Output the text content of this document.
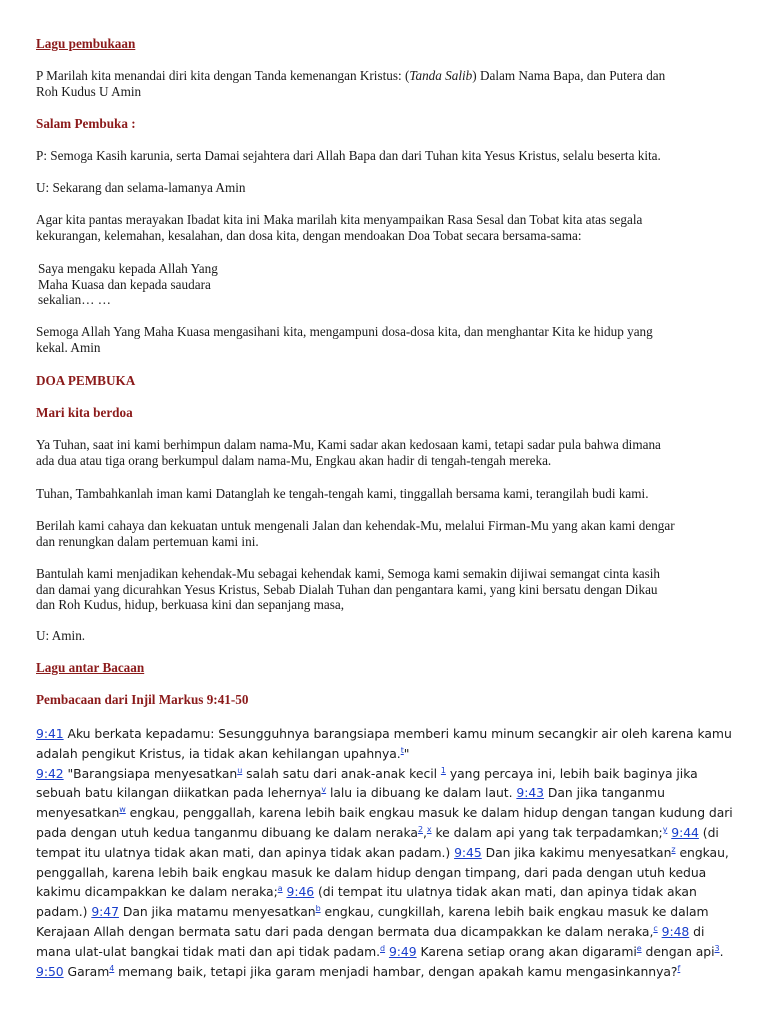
Lagu pembukaan

P Marilah kita menandai diri kita dengan Tanda kemenangan Kristus: (Tanda Salib) Dalam Nama Bapa, dan Putera dan
Roh Kudus U Amin

Salam Pembuka :

P: Semoga Kasih karunia, serta Damai sejahtera dari Allah Bapa dan dari Tuhan kita Yesus Kristus, selalu beserta kita.

U: Sekarang dan selama-lamanya Amin

Agar kita pantas merayakan Ibadat kita ini Maka marilah kita menyampaikan Rasa Sesal dan Tobat kita atas segala
kekurangan, kelemahan, kesalahan, dan dosa kita, dengan mendoakan Doa Tobat secara bersama-sama:

Saya mengaku kepada Allah Yang
Maha Kuasa dan kepada saudara
sekalian… …

Semoga Allah Yang Maha Kuasa mengasihani kita, mengampuni dosa-dosa kita, dan menghantar Kita ke hidup yang
kekal. Amin

DOA PEMBUKA

Mari kita berdoa

Ya Tuhan, saat ini kami berhimpun dalam nama-Mu, Kami sadar akan kedosaan kami, tetapi sadar pula bahwa dimana
ada dua atau tiga orang berkumpul dalam nama-Mu, Engkau akan hadir di tengah-tengah mereka.

Tuhan, Tambahkanlah iman kami Datanglah ke tengah-tengah kami, tinggallah bersama kami, terangilah budi kami.

Berilah kami cahaya dan kekuatan untuk mengenali Jalan dan kehendak-Mu, melalui Firman-Mu yang akan kami dengar
dan renungkan dalam pertemuan kami ini.

Bantulah kami menjadikan kehendak-Mu sebagai kehendak kami, Semoga kami semakin dijiwai semangat cinta kasih
dan damai yang dicurahkan Yesus Kristus, Sebab Dialah Tuhan dan pengantara kami, yang kini bersatu dengan Dikau
dan Roh Kudus, hidup, berkuasa kini dan sepanjang masa,

U: Amin.

Lagu antar Bacaan

Pembacaan dari Injil Markus 9:41-50

9:41 Aku berkata kepadamu: Sesungguhnya barangsiapa memberi kamu minum secangkir air oleh karena kamu
adalah pengikut Kristus, ia tidak akan kehilangan upahnya.$^t$"
9:42 "Barangsiapa menyesatkan$^u$ salah satu dari anak-anak kecil $^1$ yang percaya ini, lebih baik baginya jika
sebuah batu kilangan diikatkan pada lehernya$^v$ lalu ia dibuang ke dalam laut. 9:43 Dan jika tanganmu
menyesatkan$^w$ engkau, penggallah, karena lebih baik engkau masuk ke dalam hidup dengan tangan kudung dari
pada dengan utuh kedua tanganmu dibuang ke dalam neraka$^2$,$^x$ ke dalam api yang tak terpadamkan;$^y$ 9:44 (di
tempat itu ulatnya tidak akan mati, dan apinya tidak akan padam.) 9:45 Dan jika kakimu menyesatkan$^z$ engkau,
penggallah, karena lebih baik engkau masuk ke dalam hidup dengan timpang, dari pada dengan utuh kedua
kakimu dicampakkan ke dalam neraka;$^a$ 9:46 (di tempat itu ulatnya tidak akan mati, dan apinya tidak akan
padam.) 9:47 Dan jika matamu menyesatkan$^b$ engkau, cungkillah, karena lebih baik engkau masuk ke dalam
Kerajaan Allah dengan bermata satu dari pada dengan bermata dua dicampakkan ke dalam neraka,$^c$ 9:48 di
mana ulat-ulat bangkai tidak mati dan api tidak padam.$^d$ 9:49 Karena setiap orang akan digarami$^e$ dengan api$^3$.
9:50 Garam$^4$ memang baik, tetapi jika garam menjadi hambar, dengan apakah kamu mengasinkannya?$^f$
